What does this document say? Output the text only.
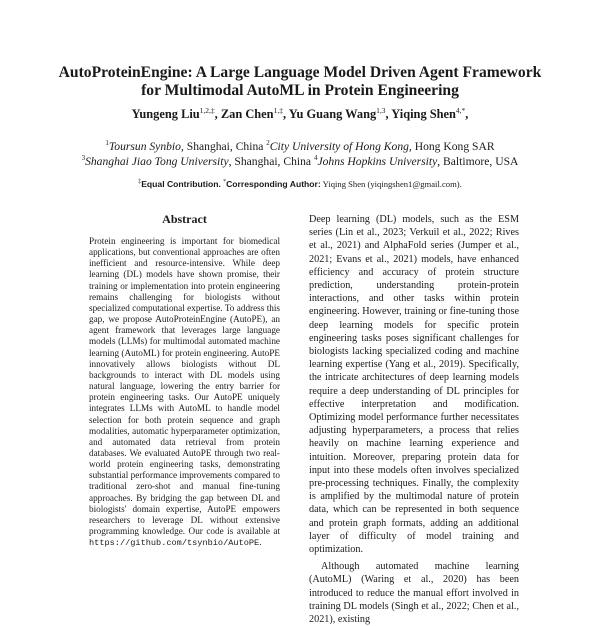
AutoProteinEngine: A Large Language Model Driven Agent Framework
for Multimodal AutoML in Protein Engineering

Yungeng Liu$^{1,2,\ddagger}$, Zan Chen$^{1,\ddagger}$, Yu Guang Wang$^{1,3}$, Yiqing Shen$^{4,*}$,

$^1$Toursun Synbio, Shanghai, China $^2$City University of Hong Kong, Hong Kong SAR

$^3$Shanghai Jiao Tong University, Shanghai, China $^4$Johns Hopkins University, Baltimore, USA

‡Equal Contribution. *Corresponding Author: Yiqing Shen (yiqingshen1@gmail.com).

Abstract

Protein engineering is important for biomedical applications, but conventional approaches are often inefficient and resource-intensive. While deep learning (DL) models have shown promise, their training or implementation into protein engineering remains challenging for biologists without specialized computational expertise. To address this gap, we propose AutoProteinEngine (AutoPE), an agent framework that leverages large language models (LLMs) for multimodal automated machine learning (AutoML) for protein engineering. AutoPE innovatively allows biologists without DL backgrounds to interact with DL models using natural language, lowering the entry barrier for protein engineering tasks. Our AutoPE uniquely integrates LLMs with AutoML to handle model selection for both protein sequence and graph modalities, automatic hyperparameter optimization, and automated data retrieval from protein databases. We evaluated AutoPE through two real-world protein engineering tasks, demonstrating substantial performance improvements compared to traditional zero-shot and manual fine-tuning approaches. By bridging the gap between DL and biologists' domain expertise, AutoPE empowers researchers to leverage DL without extensive programming knowledge. Our code is available at https://github.com/tsynbio/AutoPE.

Deep learning (DL) models, such as the ESM series (Lin et al., 2023; Verkuil et al., 2022; Rives et al., 2021) and AlphaFold series (Jumper et al., 2021; Evans et al., 2021) models, have enhanced efficiency and accuracy of protein structure prediction, understanding protein-protein interactions, and other tasks within protein engineering. However, training or fine-tuning those deep learning models for specific protein engineering tasks poses significant challenges for biologists lacking specialized coding and machine learning expertise (Yang et al., 2019). Specifically, the intricate architectures of deep learning models require a deep understanding of DL principles for effective interpretation and modification. Optimizing model performance further necessitates adjusting hyperparameters, a process that relies heavily on machine learning experience and intuition. Moreover, preparing protein data for input into these models often involves specialized pre-processing techniques. Finally, the complexity is amplified by the multimodal nature of protein data, which can be represented in both sequence and protein graph formats, adding an additional layer of difficulty of model training and optimization.

Although automated machine learning (AutoML) (Waring et al., 2020) has been introduced to reduce the manual effort involved in training DL models (Singh et al., 2022; Chen et al., 2021), existing
